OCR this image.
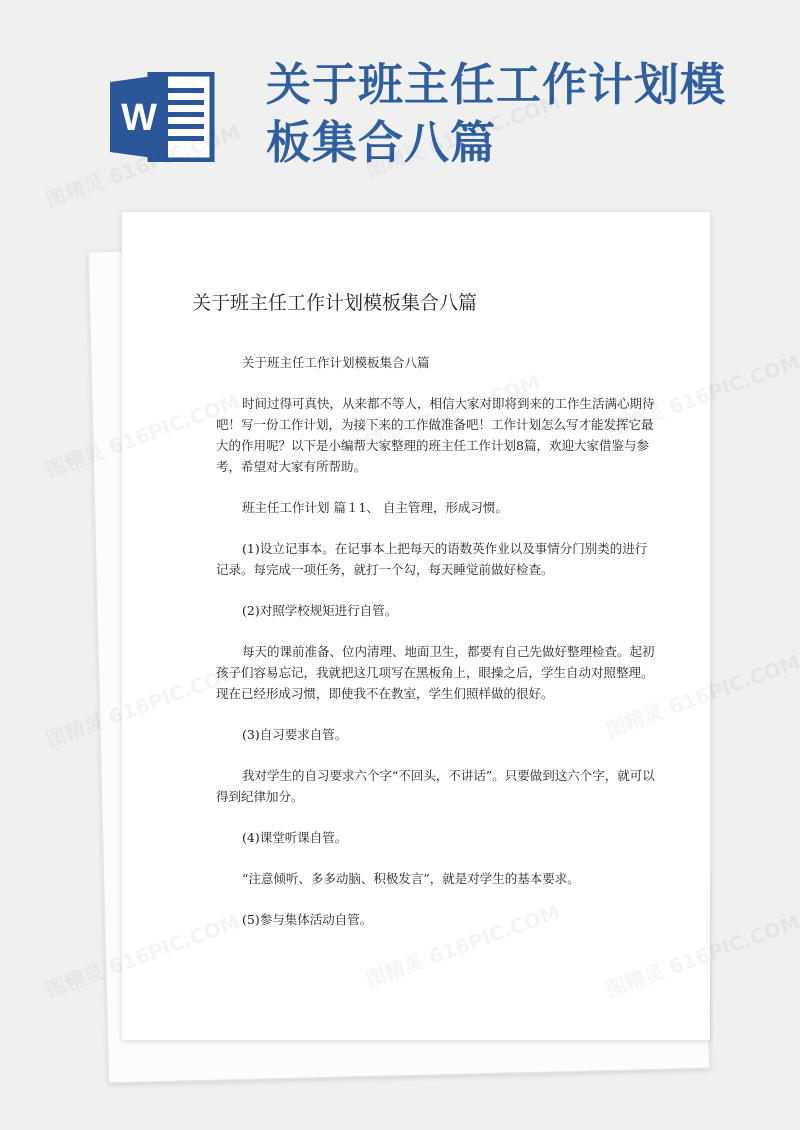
W
关于班主任工作计划模板集合八篇
关于班主任工作计划模板集合八篇

关于班主任工作计划模板集合八篇

时间过得可真快，从来都不等人，相信大家对即将到来的工作生活满心期待吧！写一份工作计划，为接下来的工作做准备吧！工作计划怎么写才能发挥它最大的作用呢？以下是小编帮大家整理的班主任工作计划8篇，欢迎大家借鉴与参考，希望对大家有所帮助。

班主任工作计划 篇１1、 自主管理，形成习惯。

(1)设立记事本。在记事本上把每天的语数英作业以及事情分门别类的进行记录。每完成一项任务，就打一个勾，每天睡觉前做好检查。

(2)对照学校规矩进行自管。

每天的课前准备、位内清理、地面卫生，都要有自己先做好整理检查。起初孩子们容易忘记，我就把这几项写在黑板角上，眼操之后，学生自动对照整理。现在已经形成习惯，即使我不在教室，学生们照样做的很好。

(3)自习要求自管。

我对学生的自习要求六个字“不回头，不讲话”。只要做到这六个字，就可以得到纪律加分。

(4)课堂听课自管。

“注意倾听、多多动脑、积极发言”，就是对学生的基本要求。

(5)参与集体活动自管。
